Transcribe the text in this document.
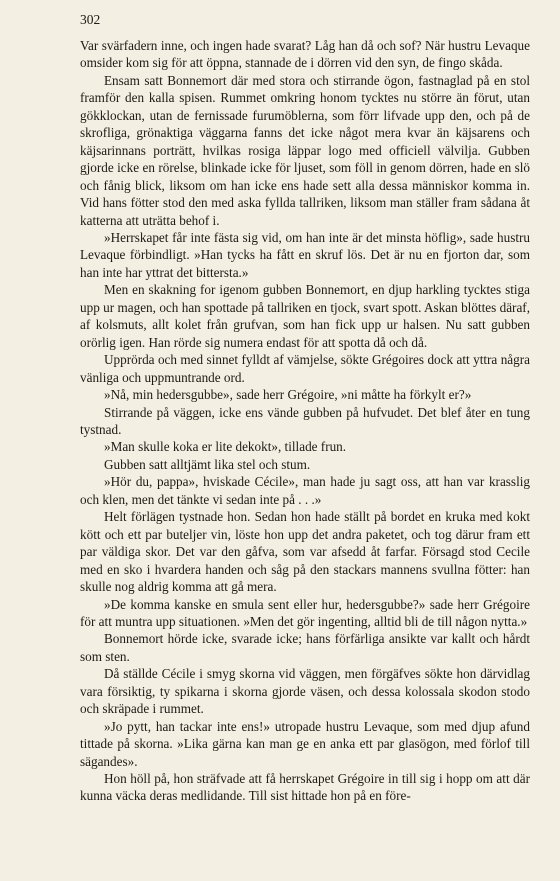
302

Var svärfadern inne, och ingen hade svarat? Låg han då och sof? När hustru Levaque omsider kom sig för att öppna, stannade de i dörren vid den syn, de fingo skåda.

Ensam satt Bonnemort där med stora och stirrande ögon, fastnaglad på en stol framför den kalla spisen. Rummet omkring honom tycktes nu större än förut, utan gökklockan, utan de fernissade furumöblerna, som förr lifvade upp den, och på de skrofliga, grönaktiga väggarna fanns det icke något mera kvar än käjsarens och käjsarinnans porträtt, hvilkas rosiga läppar logo med officiell välvilja. Gubben gjorde icke en rörelse, blinkade icke för ljuset, som föll in genom dörren, hade en slö och fånig blick, liksom om han icke ens hade sett alla dessa människor komma in. Vid hans fötter stod den med aska fyllda tallriken, liksom man ställer fram sådana åt katterna att uträtta behof i.

»Herrskapet får inte fästa sig vid, om han inte är det minsta höflig», sade hustru Levaque förbindligt. »Han tycks ha fått en skruf lös. Det är nu en fjorton dar, som han inte har yttrat det bittersta.»

Men en skakning for igenom gubben Bonnemort, en djup harkling tycktes stiga upp ur magen, och han spottade på tallriken en tjock, svart spott. Askan blöttes däraf, af kolsmuts, allt kolet från grufvan, som han fick upp ur halsen. Nu satt gubben orörlig igen. Han rörde sig numera endast för att spotta då och då.

Upprörda och med sinnet fylldt af vämjelse, sökte Grégoires dock att yttra några vänliga och uppmuntrande ord.

»Nå, min hedersgubbe», sade herr Grégoire, »ni måtte ha förkylt er?»

Stirrande på väggen, icke ens vände gubben på hufvudet. Det blef åter en tung tystnad.

»Man skulle koka er lite dekokt», tillade frun.

Gubben satt alltjämt lika stel och stum.

»Hör du, pappa», hviskade Cécile», man hade ju sagt oss, att han var krasslig och klen, men det tänkte vi sedan inte på . . .»

Helt förlägen tystnade hon. Sedan hon hade ställt på bordet en kruka med kokt kött och ett par buteljer vin, löste hon upp det andra paketet, och tog därur fram ett par väldiga skor. Det var den gåfva, som var afsedd åt farfar. Försagd stod Cecile med en sko i hvardera handen och såg på den stackars mannens svullna fötter: han skulle nog aldrig komma att gå mera.

»De komma kanske en smula sent eller hur, hedersgubbe?» sade herr Grégoire för att muntra upp situationen. »Men det gör ingenting, alltid bli de till någon nytta.»

Bonnemort hörde icke, svarade icke; hans förfärliga ansikte var kallt och hårdt som sten.

Då ställde Cécile i smyg skorna vid väggen, men förgäfves sökte hon därvidlag vara försiktig, ty spikarna i skorna gjorde väsen, och dessa kolossala skodon stodo och skräpade i rummet.

»Jo pytt, han tackar inte ens!» utropade hustru Levaque, som med djup afund tittade på skorna. »Lika gärna kan man ge en anka ett par glasögon, med förlof till sägandes».

Hon höll på, hon sträfvade att få herrskapet Grégoire in till sig i hopp om att där kunna väcka deras medlidande. Till sist hittade hon på en före-
